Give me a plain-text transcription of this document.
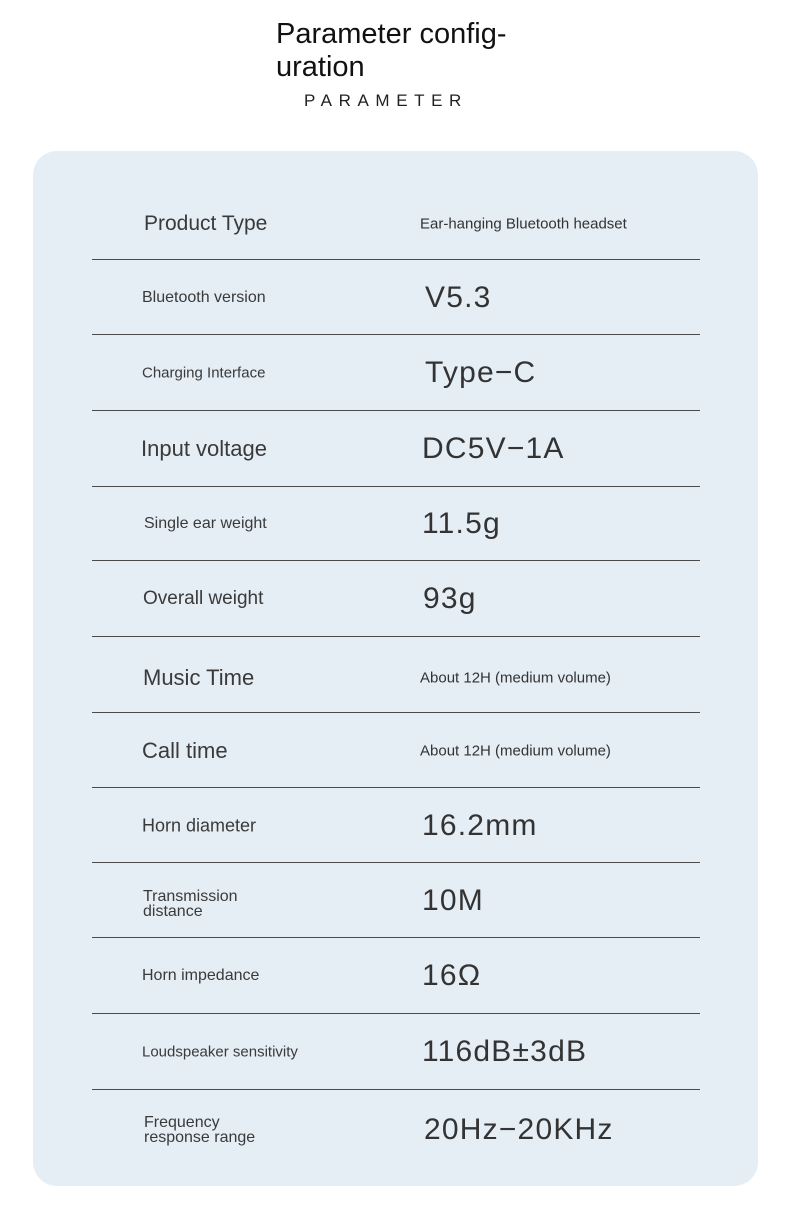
Parameter config-
uration
PARAMETER
Product Type	Ear-hanging Bluetooth headset
Bluetooth version	V5.3
Charging Interface	Type−C
Input voltage	DC5V−1A
Single ear weight	11.5g
Overall weight	93g
Music Time	About 12H (medium volume)
Call time	About 12H (medium volume)
Horn diameter	16.2mm
Transmission distance	10M
Horn impedance	16Ω
Loudspeaker sensitivity	116dB±3dB
Frequency response range	20Hz−20KHz
